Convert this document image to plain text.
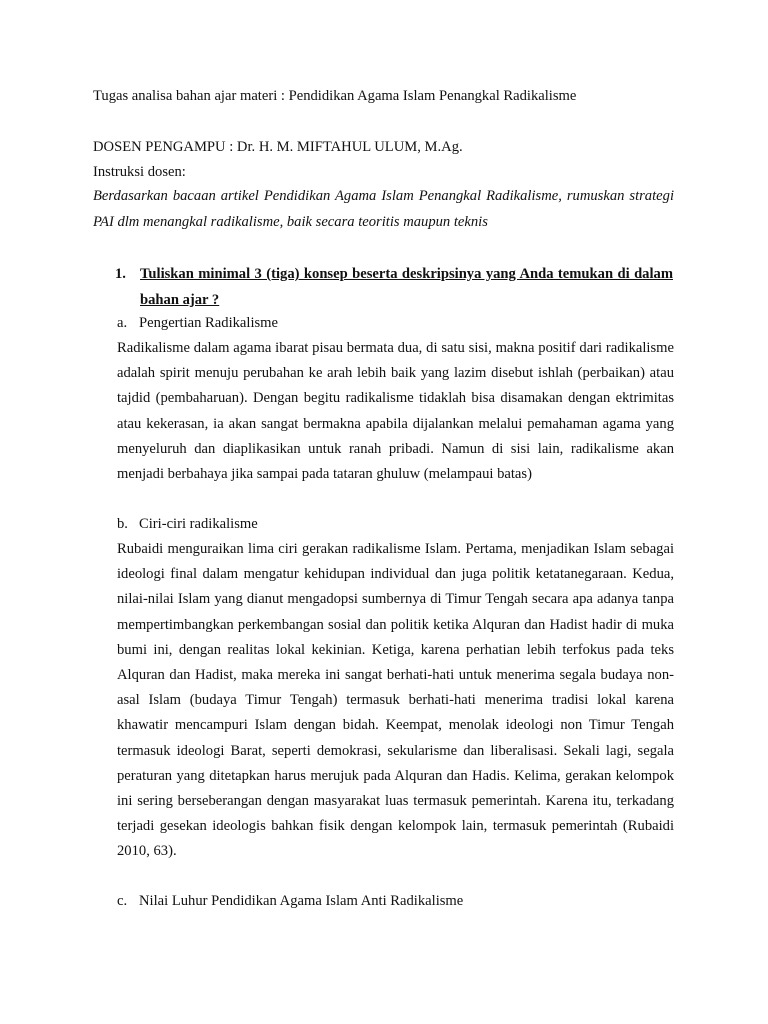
Tugas analisa bahan ajar materi : Pendidikan Agama Islam Penangkal Radikalisme
DOSEN PENGAMPU : Dr. H. M. MIFTAHUL ULUM, M.Ag.
Instruksi dosen:
Berdasarkan bacaan artikel Pendidikan Agama Islam Penangkal Radikalisme, rumuskan strategi PAI dlm menangkal radikalisme, baik secara teoritis maupun teknis
1. Tuliskan minimal 3 (tiga) konsep beserta deskripsinya yang Anda temukan di dalam bahan ajar ?
a. Pengertian Radikalisme
Radikalisme dalam agama ibarat pisau bermata dua, di satu sisi, makna positif dari radikalisme adalah spirit menuju perubahan ke arah lebih baik yang lazim disebut ishlah (perbaikan) atau tajdid (pembaharuan). Dengan begitu radikalisme tidaklah bisa disamakan dengan ektrimitas atau kekerasan, ia akan sangat bermakna apabila dijalankan melalui pemahaman agama yang menyeluruh dan diaplikasikan untuk ranah pribadi. Namun di sisi lain, radikalisme akan menjadi berbahaya jika sampai pada tataran ghuluw (melampaui batas)
b. Ciri-ciri radikalisme
Rubaidi menguraikan lima ciri gerakan radikalisme Islam. Pertama, menjadikan Islam sebagai ideologi final dalam mengatur kehidupan individual dan juga politik ketatanegaraan. Kedua, nilai-nilai Islam yang dianut mengadopsi sumbernya di Timur Tengah secara apa adanya tanpa mempertimbangkan perkembangan sosial dan politik ketika Alquran dan Hadist hadir di muka bumi ini, dengan realitas lokal kekinian. Ketiga, karena perhatian lebih terfokus pada teks Alquran dan Hadist, maka mereka ini sangat berhati-hati untuk menerima segala budaya non-asal Islam (budaya Timur Tengah) termasuk berhati-hati menerima tradisi lokal karena khawatir mencampuri Islam dengan bidah. Keempat, menolak ideologi non Timur Tengah termasuk ideologi Barat, seperti demokrasi, sekularisme dan liberalisasi. Sekali lagi, segala peraturan yang ditetapkan harus merujuk pada Alquran dan Hadis. Kelima, gerakan kelompok ini sering berseberangan dengan masyarakat luas termasuk pemerintah. Karena itu, terkadang terjadi gesekan ideologis bahkan fisik dengan kelompok lain, termasuk pemerintah (Rubaidi 2010, 63).
c. Nilai Luhur Pendidikan Agama Islam Anti Radikalisme
